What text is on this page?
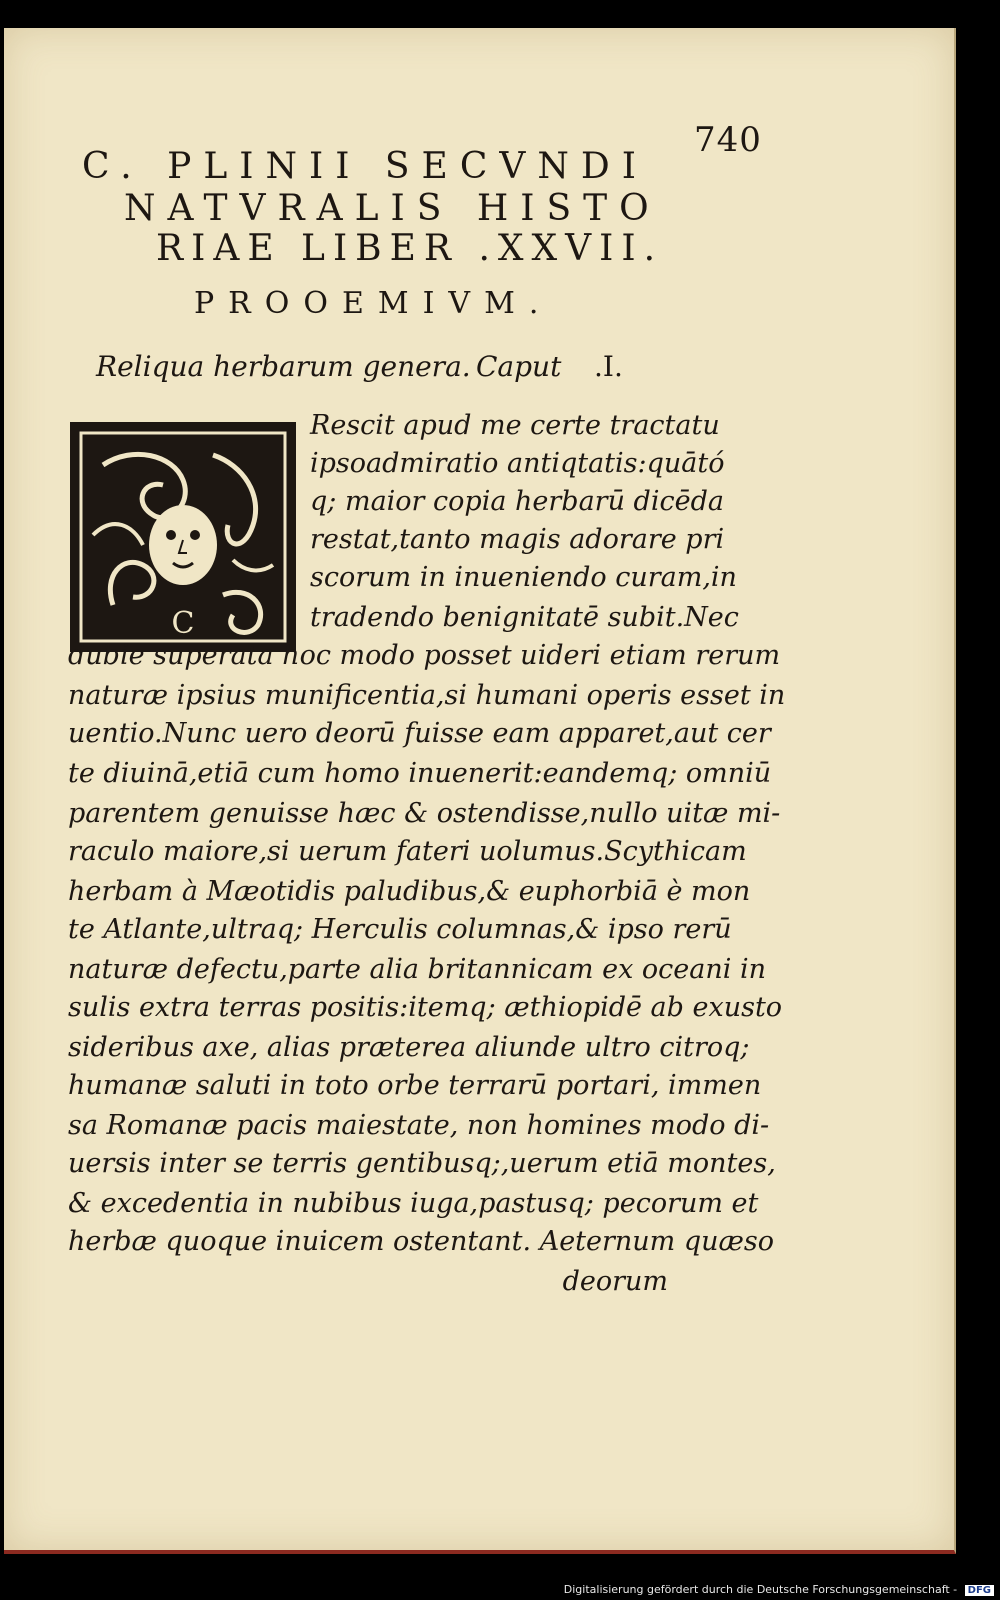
C. PLINII SECVNDI
740
NATVRALIS HISTO
RIAE LIBER .XXVII.
PROOEMIVM.
Reliqua herbarum genera. Caput .I.
C
Rescit apud me certe tractatu
ipsoadmiratio antiqtatis:quātó
q; maior copia herbarū dicēda
restat,tanto magis adorare pri
scorum in inueniendo curam,in
tradendo benignitatē subit.Nec
dubie superata hoc modo posset uideri etiam rerum
naturæ ipsius munificentia,si humani operis esset in
uentio.Nunc uero deorū fuisse eam apparet,aut cer
te diuinā,etiā cum homo inuenerit:eandemq; omniū
parentem genuisse hæc & ostendisse,nullo uitæ mi-
raculo maiore,si uerum fateri uolumus.Scythicam
herbam à Mæotidis paludibus,& euphorbiā è mon
te Atlante,ultraq; Herculis columnas,& ipso rerū
naturæ defectu,parte alia britannicam ex oceani in
sulis extra terras positis:itemq; æthiopidē ab exusto
sideribus axe, alias præterea aliunde ultro citroq;
humanæ saluti in toto orbe terrarū portari, immen
sa Romanæ pacis maiestate, non homines modo di-
uersis inter se terris gentibusq;,uerum etiā montes,
& excedentia in nubibus iuga,pastusq; pecorum et
herbæ quoque inuicem ostentant. Aeternum quæso
deorum
Digitalisierung gefördert durch die Deutsche Forschungsgemeinschaft - DFG
